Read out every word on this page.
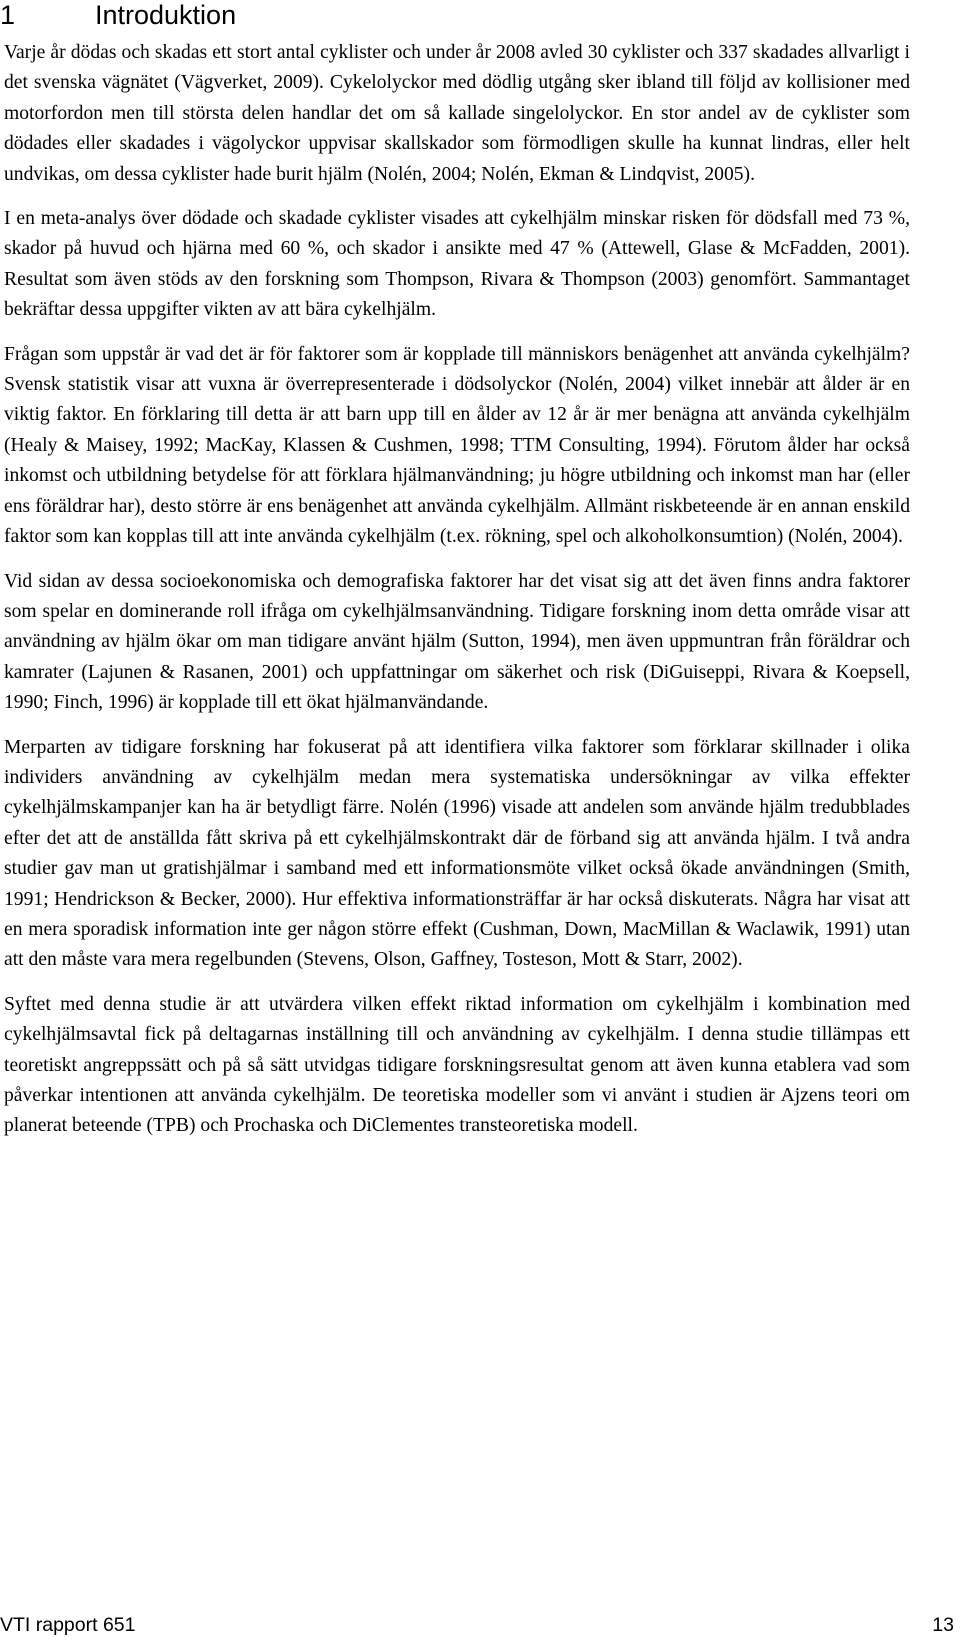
1	Introduktion

Varje år dödas och skadas ett stort antal cyklister och under år 2008 avled 30 cyklister och 337 skadades allvarligt i det svenska vägnätet (Vägverket, 2009). Cykelolyckor med dödlig utgång sker ibland till följd av kollisioner med motorfordon men till största delen handlar det om så kallade singelolyckor. En stor andel av de cyklister som dödades eller skadades i vägolyckor uppvisar skallskador som förmodligen skulle ha kunnat lindras, eller helt undvikas, om dessa cyklister hade burit hjälm (Nolén, 2004; Nolén, Ekman & Lindqvist, 2005).

I en meta-analys över dödade och skadade cyklister visades att cykelhjälm minskar risken för dödsfall med 73 %, skador på huvud och hjärna med 60 %, och skador i ansikte med 47 % (Attewell, Glase & McFadden, 2001). Resultat som även stöds av den forskning som Thompson, Rivara & Thompson (2003) genomfört. Sammantaget bekräftar dessa uppgifter vikten av att bära cykelhjälm.

Frågan som uppstår är vad det är för faktorer som är kopplade till människors benägenhet att använda cykelhjälm? Svensk statistik visar att vuxna är överrepresenterade i dödsolyckor (Nolén, 2004) vilket innebär att ålder är en viktig faktor. En förklaring till detta är att barn upp till en ålder av 12 år är mer benägna att använda cykelhjälm (Healy & Maisey, 1992; MacKay, Klassen & Cushmen, 1998; TTM Consulting, 1994). Förutom ålder har också inkomst och utbildning betydelse för att förklara hjälmanvändning; ju högre utbildning och inkomst man har (eller ens föräldrar har), desto större är ens benägenhet att använda cykelhjälm. Allmänt riskbeteende är en annan enskild faktor som kan kopplas till att inte använda cykelhjälm (t.ex. rökning, spel och alkoholkonsumtion) (Nolén, 2004).

Vid sidan av dessa socioekonomiska och demografiska faktorer har det visat sig att det även finns andra faktorer som spelar en dominerande roll ifråga om cykelhjälmsanvändning. Tidigare forskning inom detta område visar att användning av hjälm ökar om man tidigare använt hjälm (Sutton, 1994), men även uppmuntran från föräldrar och kamrater (Lajunen & Rasanen, 2001) och uppfattningar om säkerhet och risk (DiGuiseppi, Rivara & Koepsell, 1990; Finch, 1996) är kopplade till ett ökat hjälmanvändande.

Merparten av tidigare forskning har fokuserat på att identifiera vilka faktorer som förklarar skillnader i olika individers användning av cykelhjälm medan mera systematiska undersökningar av vilka effekter cykelhjälmskampanjer kan ha är betydligt färre. Nolén (1996) visade att andelen som använde hjälm tredubblades efter det att de anställda fått skriva på ett cykelhjälmskontrakt där de förband sig att använda hjälm. I två andra studier gav man ut gratishjälmar i samband med ett informationsmöte vilket också ökade användningen (Smith, 1991; Hendrickson & Becker, 2000). Hur effektiva informationsträffar är har också diskuterats. Några har visat att en mera sporadisk information inte ger någon större effekt (Cushman, Down, MacMillan & Waclawik, 1991) utan att den måste vara mera regelbunden (Stevens, Olson, Gaffney, Tosteson, Mott & Starr, 2002).

Syftet med denna studie är att utvärdera vilken effekt riktad information om cykelhjälm i kombination med cykelhjälmsavtal fick på deltagarnas inställning till och användning av cykelhjälm. I denna studie tillämpas ett teoretiskt angreppssätt och på så sätt utvidgas tidigare forskningsresultat genom att även kunna etablera vad som påverkar intentionen att använda cykelhjälm. De teoretiska modeller som vi använt i studien är Ajzens teori om planerat beteende (TPB) och Prochaska och DiClementes transteoretiska modell.

VTI rapport 651	13
